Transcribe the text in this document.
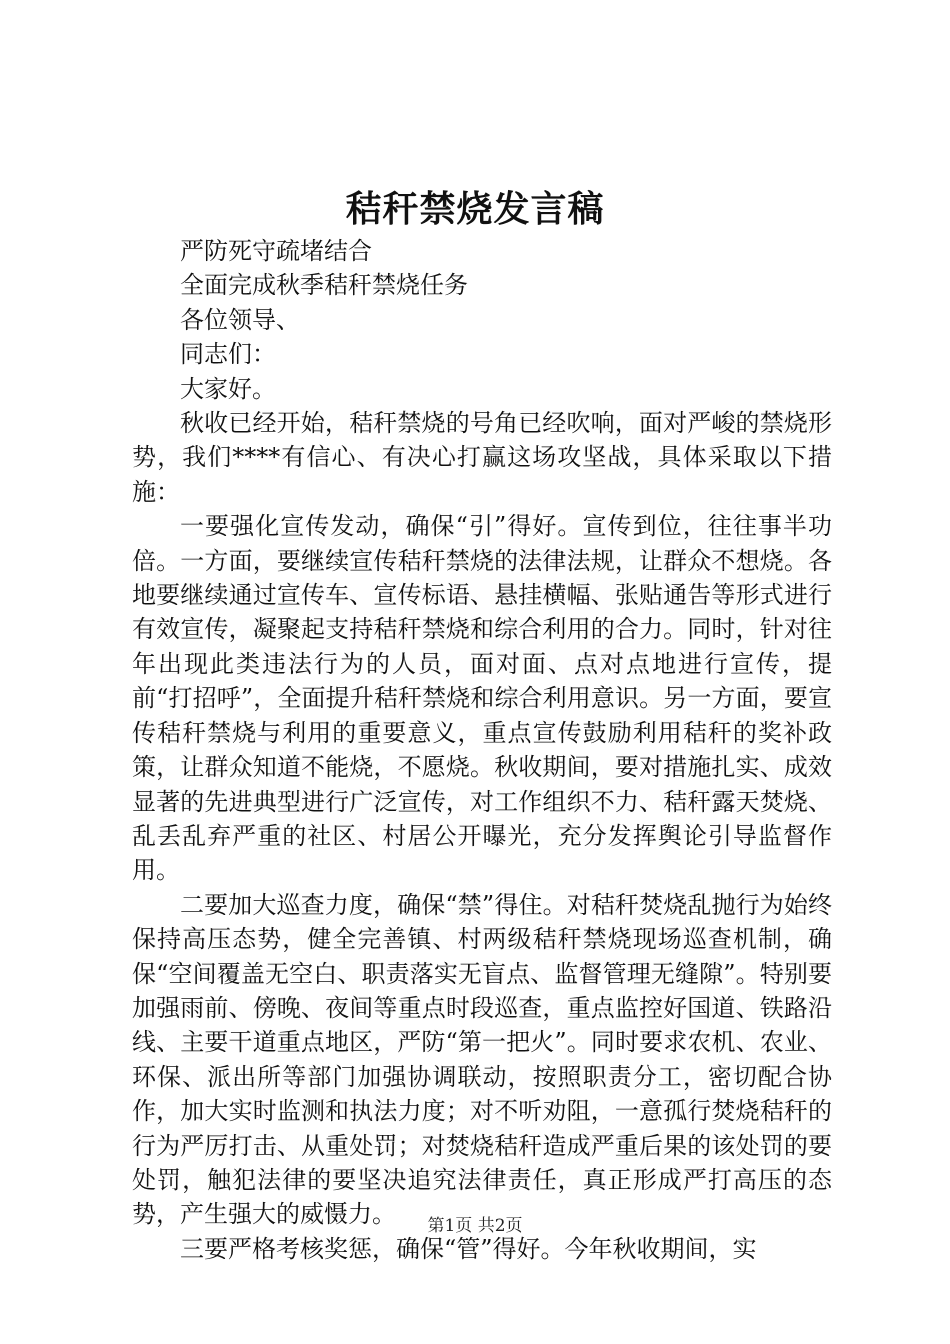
秸秆禁烧发言稿

严防死守疏堵结合

全面完成秋季秸秆禁烧任务

各位领导、

同志们：

大家好。

秋收已经开始，秸秆禁烧的号角已经吹响，面对严峻的禁烧形势，我们****有信心、有决心打赢这场攻坚战，具体采取以下措施：

一要强化宣传发动，确保“引”得好。宣传到位，往往事半功倍。一方面，要继续宣传秸秆禁烧的法律法规，让群众不想烧。各地要继续通过宣传车、宣传标语、悬挂横幅、张贴通告等形式进行有效宣传，凝聚起支持秸秆禁烧和综合利用的合力。同时，针对往年出现此类违法行为的人员，面对面、点对点地进行宣传，提前“打招呼”，全面提升秸秆禁烧和综合利用意识。另一方面，要宣传秸秆禁烧与利用的重要意义，重点宣传鼓励利用秸秆的奖补政策，让群众知道不能烧，不愿烧。秋收期间，要对措施扎实、成效显著的先进典型进行广泛宣传，对工作组织不力、秸秆露天焚烧、乱丢乱弃严重的社区、村居公开曝光，充分发挥舆论引导监督作用。

二要加大巡查力度，确保“禁”得住。对秸秆焚烧乱抛行为始终保持高压态势，健全完善镇、村两级秸秆禁烧现场巡查机制，确保“空间覆盖无空白、职责落实无盲点、监督管理无缝隙”。特别要加强雨前、傍晚、夜间等重点时段巡查，重点监控好国道、铁路沿线、主要干道重点地区，严防“第一把火”。同时要求农机、农业、环保、派出所等部门加强协调联动，按照职责分工，密切配合协作，加大实时监测和执法力度；对不听劝阻，一意孤行焚烧秸秆的行为严厉打击、从重处罚；对焚烧秸秆造成严重后果的该处罚的要处罚，触犯法律的要坚决追究法律责任，真正形成严打高压的态势，产生强大的威慑力。

三要严格考核奖惩，确保“管”得好。今年秋收期间，实

第1页 共2页
